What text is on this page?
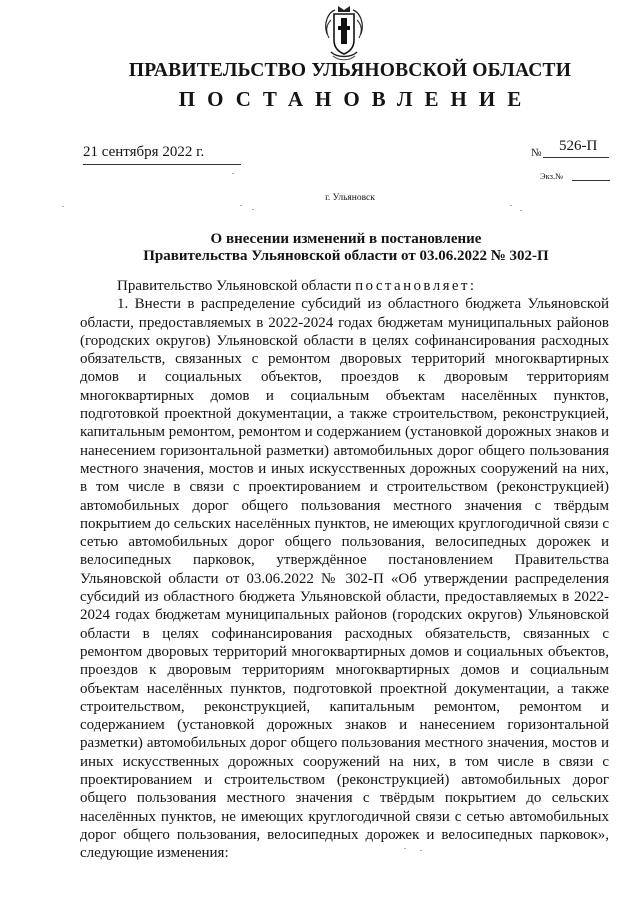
ПРАВИТЕЛЬСТВО УЛЬЯНОВСКОЙ ОБЛАСТИ
ПОСТАНОВЛЕНИЕ
21 сентября 2022 г.	№ 526-П
Экз.№
г. Ульяновск
О внесении изменений в постановление
Правительства Ульяновской области от 03.06.2022 № 302-П

Правительство Ульяновской области постановляет:

1. Внести в распределение субсидий из областного бюджета Ульяновской области, предоставляемых в 2022-2024 годах бюджетам муниципальных районов (городских округов) Ульяновской области в целях софинансирования расходных обязательств, связанных с ремонтом дворовых территорий многоквартирных домов и социальных объектов, проездов к дворовым территориям многоквартирных домов и социальным объектам населённых пунктов, подготовкой проектной документации, а также строительством, реконструкцией, капитальным ремонтом, ремонтом и содержанием (установкой дорожных знаков и нанесением горизонтальной разметки) автомобильных дорог общего пользования местного значения, мостов и иных искусственных дорожных сооружений на них, в том числе в связи с проектированием и строительством (реконструкцией) автомобильных дорог общего пользования местного значения с твёрдым покрытием до сельских населённых пунктов, не имеющих круглогодичной связи с сетью автомобильных дорог общего пользования, велосипедных дорожек и велосипедных парковок, утверждённое постановлением Правительства Ульяновской области от 03.06.2022 № 302-П «Об утверждении распределения субсидий из областного бюджета Ульяновской области, предоставляемых в 2022-2024 годах бюджетам муниципальных районов (городских округов) Ульяновской области в целях софинансирования расходных обязательств, связанных с ремонтом дворовых территорий многоквартирных домов и социальных объектов, проездов к дворовым территориям многоквартирных домов и социальным объектам населённых пунктов, подготовкой проектной документации, а также строительством, реконструкцией, капитальным ремонтом, ремонтом и содержанием (установкой дорожных знаков и нанесением горизонтальной разметки) автомобильных дорог общего пользования местного значения, мостов и иных искусственных дорожных сооружений на них, в том числе в связи с проектированием и строительством (реконструкцией) автомобильных дорог общего пользования местного значения с твёрдым покрытием до сельских населённых пунктов, не имеющих круглогодичной связи с сетью автомобильных дорог общего пользования, велосипедных дорожек и велосипедных парковок», следующие изменения:
